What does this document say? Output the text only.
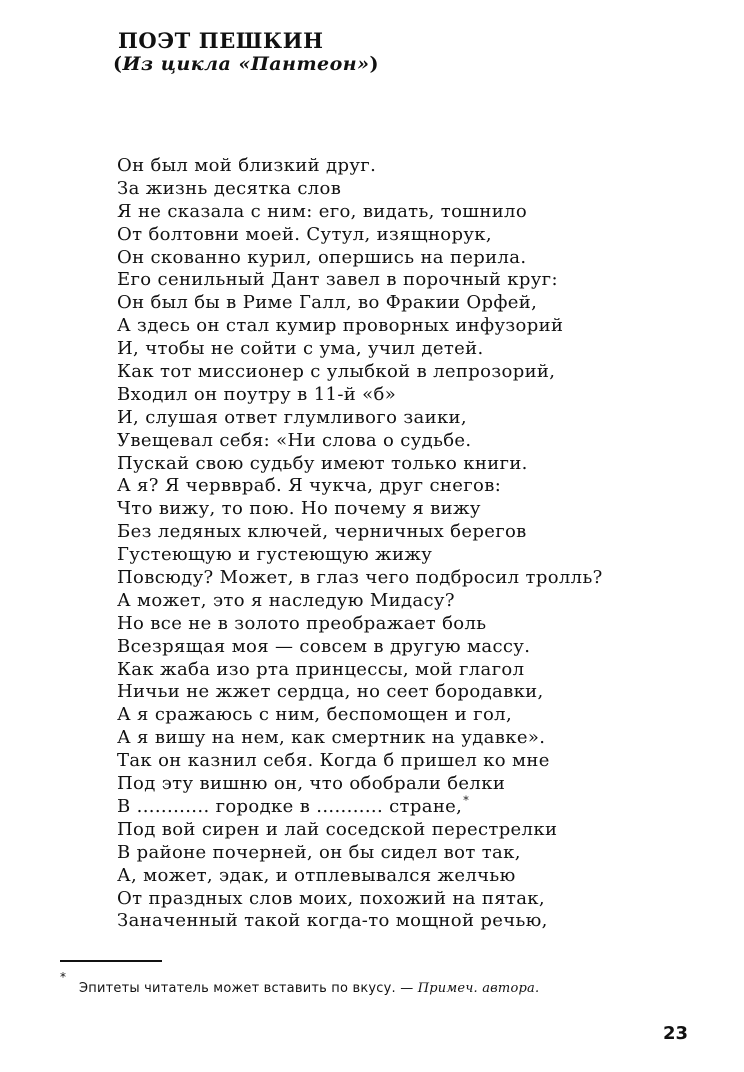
ПОЭТ ПЕШКИН
(Из цикла «Пантеон»)
Он был мой близкий друг.
За жизнь десятка слов
Я не сказала с ним: его, видать, тошнило
От болтовни моей. Сутул, изящнорук,
Он скованно курил, опершись на перила.
Его сенильный Дант завел в порочный круг:
Он был бы в Риме Галл, во Фракии Орфей,
А здесь он стал кумир проворных инфузорий
И, чтобы не сойти с ума, учил детей.
Как тот миссионер с улыбкой в лепрозорий,
Входил он поутру в 11-й «б»
И, слушая ответ глумливого заики,
Увещевал себя: «Ни слова о судьбе.
Пускай свою судьбу имеют только книги.
А я? Я черввраб. Я чукча, друг снегов:
Что вижу, то пою. Но почему я вижу
Без ледяных ключей, черничных берегов
Густеющую и густеющую жижу
Повсюду? Может, в глаз чего подбросил тролль?
А может, это я наследую Мидасу?
Но все не в золото преображает боль
Всезрящая моя — совсем в другую массу.
Как жаба изо рта принцессы, мой глагол
Ничьи не жжет сердца, но сеет бородавки,
А я сражаюсь с ним, беспомощен и гол,
А я вишу на нем, как смертник на удавке».
Так он казнил себя. Когда б пришел ко мне
Под эту вишню он, что обобрали белки
В ............ городке в ........... стране,*
Под вой сирен и лай соседской перестрелки
В районе почерней, он бы сидел вот так,
А, может, эдак, и отплевывался желчью
От праздных слов моих, похожий на пятак,
Заначенный такой когда-то мощной речью,
*
Эпитеты читатель может вставить по вкусу. — Примеч. автора.
23
